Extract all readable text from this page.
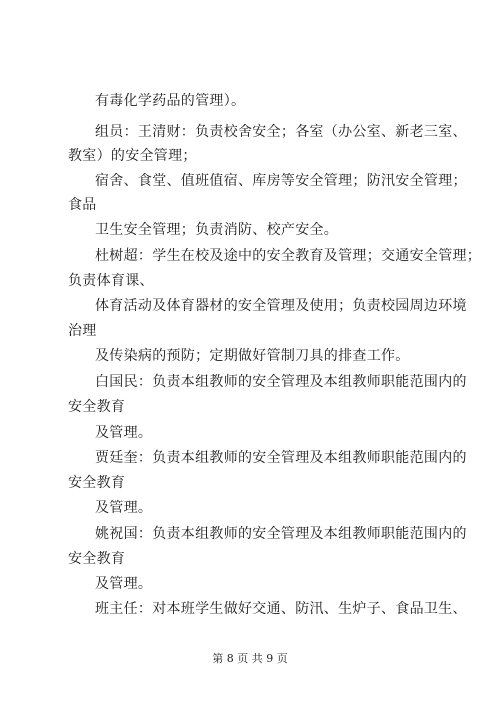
有毒化学药品的管理）。
组员：王清财：负责校舍安全；各室（办公室、新老三室、
教室）的安全管理；
宿舍、食堂、值班值宿、库房等安全管理；防汛安全管理；
食品
卫生安全管理；负责消防、校产安全。
杜树超：学生在校及途中的安全教育及管理；交通安全管理；
负责体育课、
体育活动及体育器材的安全管理及使用；负责校园周边环境
治理
及传染病的预防；定期做好管制刀具的排查工作。
白国民：负责本组教师的安全管理及本组教师职能范围内的
安全教育
及管理。
贾廷奎：负责本组教师的安全管理及本组教师职能范围内的
安全教育
及管理。
姚祝国：负责本组教师的安全管理及本组教师职能范围内的
安全教育
及管理。
班主任：对本班学生做好交通、防汛、生炉子、食品卫生、
第 8 页 共 9 页
